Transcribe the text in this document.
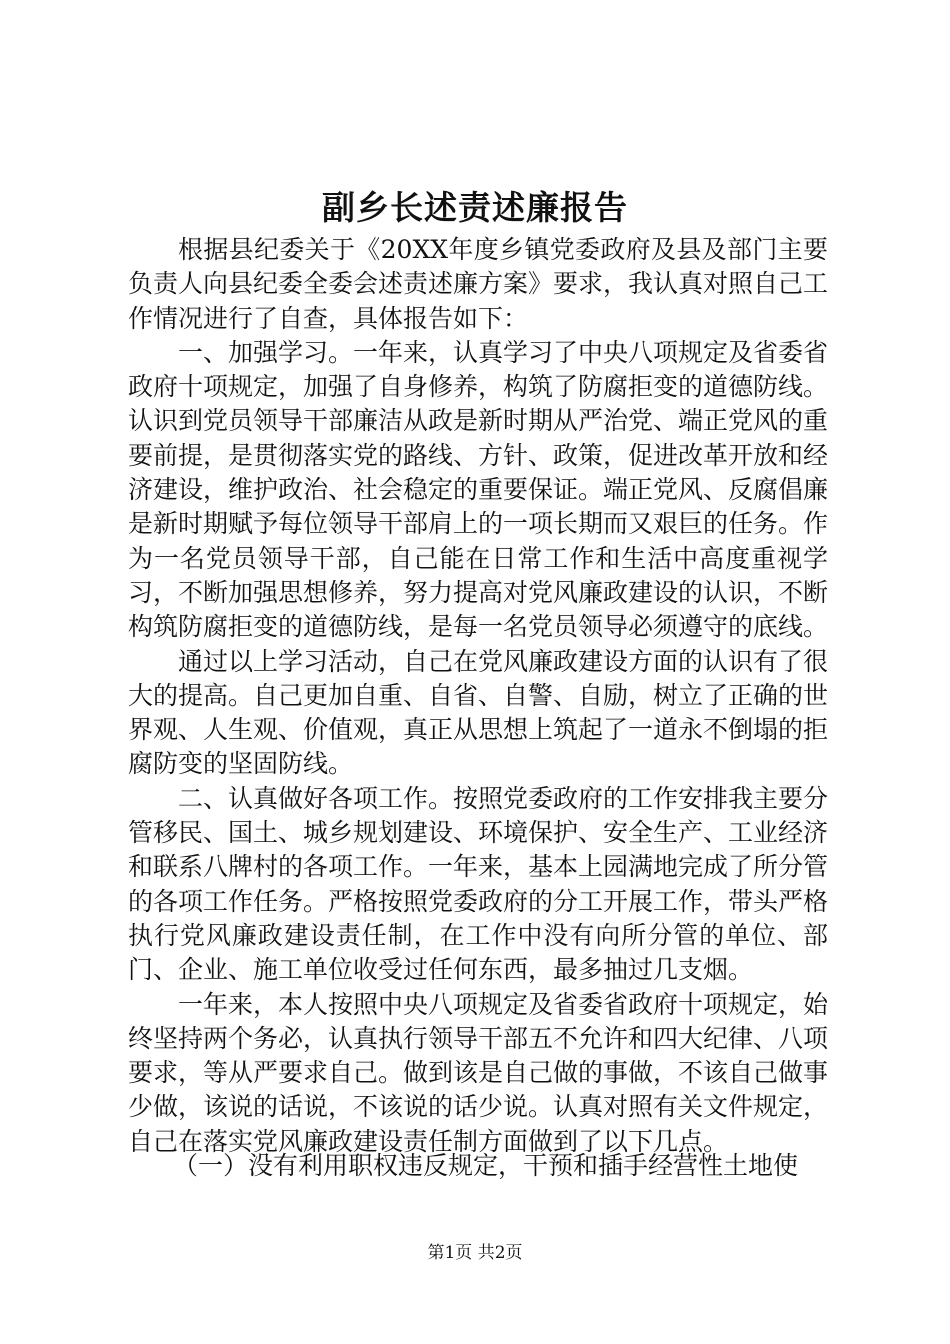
副乡长述责述廉报告

根据县纪委关于《20XX年度乡镇党委政府及县及部门主要负责人向县纪委全委会述责述廉方案》要求，我认真对照自己工作情况进行了自查，具体报告如下：

一、加强学习。一年来，认真学习了中央八项规定及省委省政府十项规定，加强了自身修养，构筑了防腐拒变的道德防线。认识到党员领导干部廉洁从政是新时期从严治党、端正党风的重要前提，是贯彻落实党的路线、方针、政策，促进改革开放和经济建设，维护政治、社会稳定的重要保证。端正党风、反腐倡廉是新时期赋予每位领导干部肩上的一项长期而又艰巨的任务。作为一名党员领导干部，自己能在日常工作和生活中高度重视学习，不断加强思想修养，努力提高对党风廉政建设的认识，不断构筑防腐拒变的道德防线，是每一名党员领导必须遵守的底线。

通过以上学习活动，自己在党风廉政建设方面的认识有了很大的提高。自己更加自重、自省、自警、自励，树立了正确的世界观、人生观、价值观，真正从思想上筑起了一道永不倒塌的拒腐防变的坚固防线。

二、认真做好各项工作。按照党委政府的工作安排我主要分管移民、国土、城乡规划建设、环境保护、安全生产、工业经济和联系八牌村的各项工作。一年来，基本上园满地完成了所分管的各项工作任务。严格按照党委政府的分工开展工作，带头严格执行党风廉政建设责任制，在工作中没有向所分管的单位、部门、企业、施工单位收受过任何东西，最多抽过几支烟。

一年来，本人按照中央八项规定及省委省政府十项规定，始终坚持两个务必，认真执行领导干部五不允许和四大纪律、八项要求，等从严要求自己。做到该是自己做的事做，不该自己做事少做，该说的话说，不该说的话少说。认真对照有关文件规定，自己在落实党风廉政建设责任制方面做到了以下几点。

（一）没有利用职权违反规定，干预和插手经营性土地使
第1页 共2页
